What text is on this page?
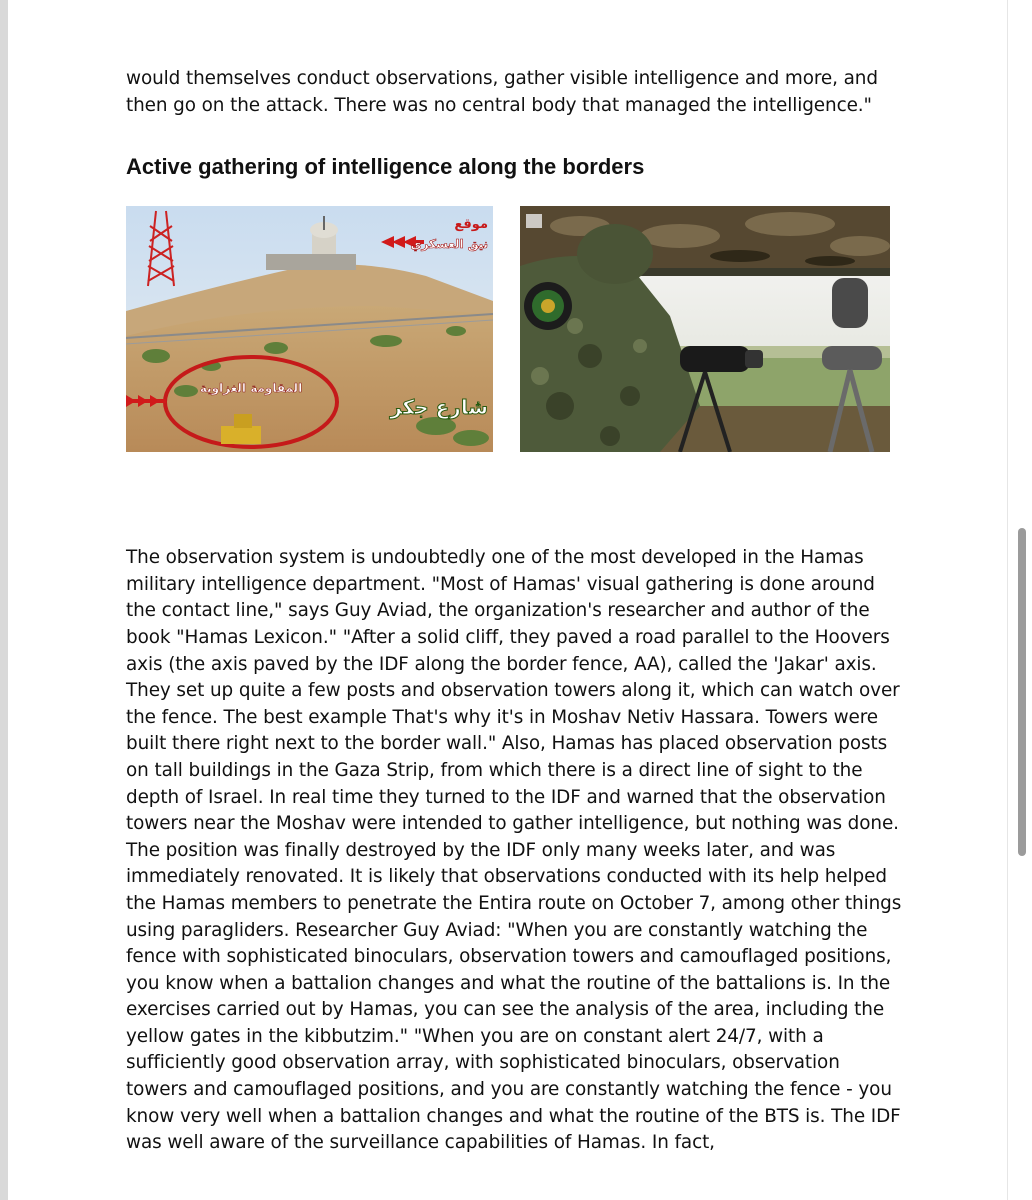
would themselves conduct observations, gather visible intelligence and more, and then go on the attack. There was no central body that managed the intelligence."

Active gathering of intelligence along the borders
موقع
نيق العسكري
المقاومة الغزاوية
شارع جكر

The observation system is undoubtedly one of the most developed in the Hamas military intelligence department. "Most of Hamas' visual gathering is done around the contact line," says Guy Aviad, the organization's researcher and author of the book "Hamas Lexicon." "After a solid cliff, they paved a road parallel to the Hoovers axis (the axis paved by the IDF along the border fence, AA), called the 'Jakar' axis. They set up quite a few posts and observation towers along it, which can watch over the fence. The best example That's why it's in Moshav Netiv Hassara. Towers were built there right next to the border wall." Also, Hamas has placed observation posts on tall buildings in the Gaza Strip, from which there is a direct line of sight to the depth of Israel. In real time they turned to the IDF and warned that the observation towers near the Moshav were intended to gather intelligence, but nothing was done. The position was finally destroyed by the IDF only many weeks later, and was immediately renovated. It is likely that observations conducted with its help helped the Hamas members to penetrate the Entira route on October 7, among other things using paragliders. Researcher Guy Aviad: "When you are constantly watching the fence with sophisticated binoculars, observation towers and camouflaged positions, you know when a battalion changes and what the routine of the battalions is. In the exercises carried out by Hamas, you can see the analysis of the area, including the yellow gates in the kibbutzim." "When you are on constant alert 24/7, with a sufficiently good observation array, with sophisticated binoculars, observation towers and camouflaged positions, and you are constantly watching the fence - you know very well when a battalion changes and what the routine of the BTS is. The IDF was well aware of the surveillance capabilities of Hamas. In fact,
